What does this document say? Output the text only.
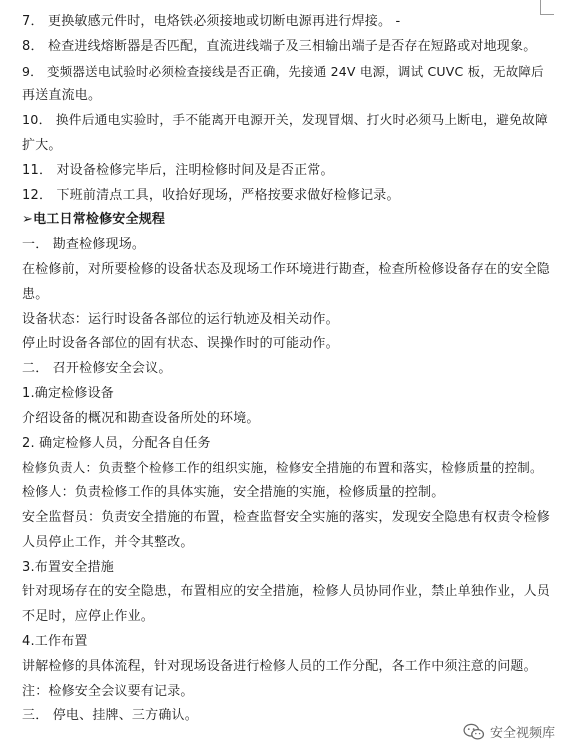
7． 更换敏感元件时，电烙铁必须接地或切断电源再进行焊接。 -
8． 检查进线熔断器是否匹配，直流进线端子及三相输出端子是否存在短路或对地现象。
9． 变频器送电试验时必须检查接线是否正确，先接通 24V 电源，调试 CUVC 板，无故障后
再送直流电。
10． 换件后通电实验时，手不能离开电源开关，发现冒烟、打火时必须马上断电，避免故障
扩大。
11． 对设备检修完毕后，注明检修时间及是否正常。
12． 下班前清点工具，收拾好现场，严格按要求做好检修记录。
➢电工日常检修安全规程
一． 勘查检修现场。
在检修前，对所要检修的设备状态及现场工作环境进行勘查，检查所检修设备存在的安全隐
患。
设备状态：运行时设备各部位的运行轨迹及相关动作。
停止时设备各部位的固有状态、误操作时的可能动作。
二． 召开检修安全会议。
1.确定检修设备
介绍设备的概况和勘查设备所处的环境。
2. 确定检修人员，分配各自任务
检修负责人：负责整个检修工作的组织实施，检修安全措施的布置和落实，检修质量的控制。
检修人：负责检修工作的具体实施，安全措施的实施，检修质量的控制。
安全监督员：负责安全措施的布置，检查监督安全实施的落实，发现安全隐患有权责令检修
人员停止工作，并令其整改。
3.布置安全措施
针对现场存在的安全隐患，布置相应的安全措施，检修人员协同作业，禁止单独作业，人员
不足时，应停止作业。
4.工作布置
讲解检修的具体流程，针对现场设备进行检修人员的工作分配，各工作中须注意的问题。
注：检修安全会议要有记录。
三． 停电、挂牌、三方确认。
安全视频库
